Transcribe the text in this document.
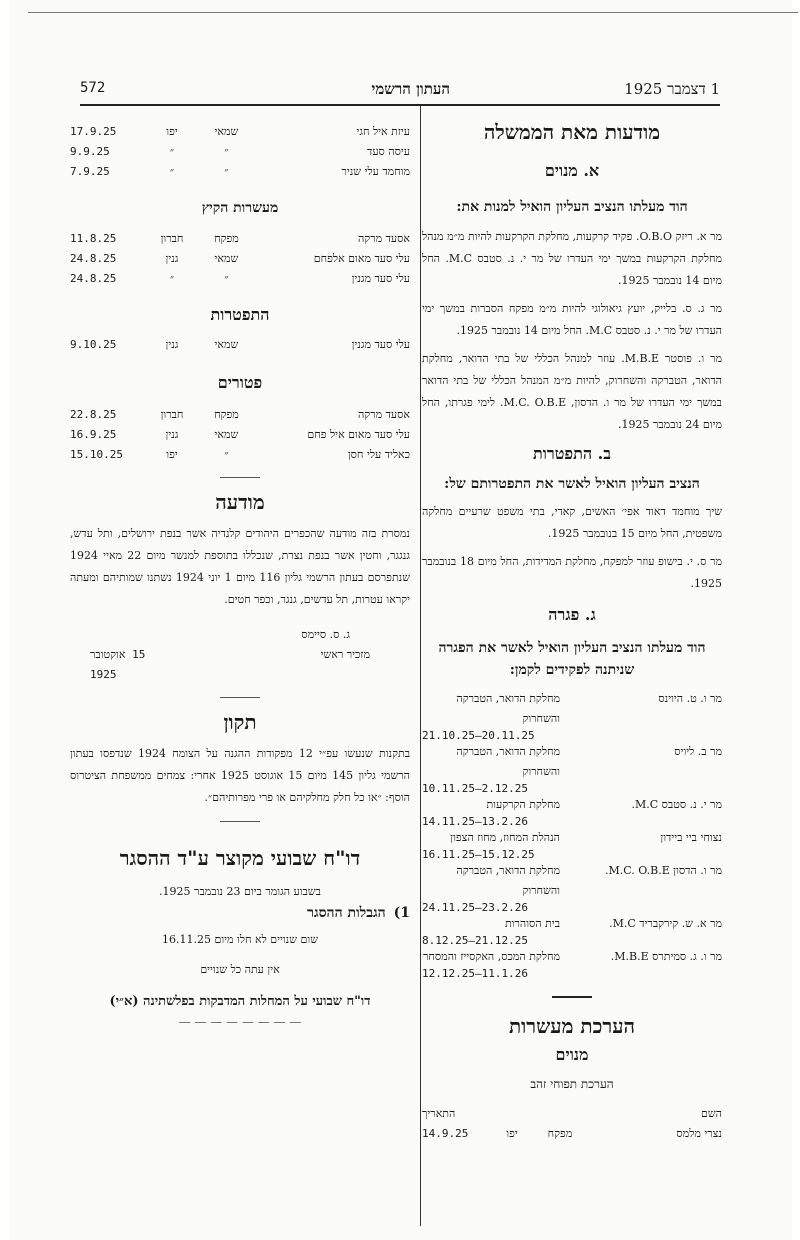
1 דצמבר 1925
העתון הרשמי
572
מודעות מאת הממשלה
א. מנוים
הוד מעלתו הנציב העליון הואיל למנות את:
מר א. ריזק O.B.O. פקיד קרקעות, מחלקת הקרקעות להיות מ״מ מנהל מחלקת הקרקעות במשך ימי העדרו של מר י. נ. סטבס M.C. החל מיום 14 נובמבר 1925.
מר ג. ס. בלייק, יועץ גיאולוגי להיות מ״מ מפקח הסברות במשך ימי העדרו של מר י. נ. סטבס M.C. החל מיום 14 נובמבר 1925.
מר ו. פוסטר M.B.E. עוזר למנהל הכללי של בתי הדואר, מחלקת הדואר, הטברקה והשחרוק, להיות מ״מ המנהל הכללי של בתי הדואר במשך ימי העדרו של מר ו. הדסון, M.C. O.B.E. לימי פגרתו, החל מיום 24 נובמבר 1925.
ב. התפטרות
הנציב העליון הואיל לאשר את התפטרותם של:
שיך מוחמד דאוד אפי׳ האשים, קאדי, בתי משפט שרעיים מחלקה משפטית, החל מיום 15 בנובמבר 1925.
מר ס. י. בישופ עוזר למפקח, מחלקת המדידות, החל מיום 18 בנובמבר 1925.
ג. פגרה
הוד מעלתו הנציב העליון הואיל לאשר את הפגרה שניתנה לפקידים לקמן:
מר ו. ט. היוינס
מחלקת הדואר, הטברקה והשחרוק
20.11.25—21.10.25
מר ב. ליויס
מחלקת הדואר, הטברקה והשחרוק
2.12.25—10.11.25
מר י. נ. סטבס M.C.
מחלקת הקרקעות
13.2.26—14.11.25
נצוחי ביי ביידון
הנהלת המחוז, מחוז הצפון
15.12.25—16.11.25
מר ו. הדסון M.C. O.B.E.
מחלקת הדואר, הטברקה והשחרוק
23.2.26—24.11.25
מר א. ש. קירקבריד M.C.
בית הסוהרות
21.12.25—8.12.25
מר ו. ג. סמיתרס M.B.E.
מחלקת המכס, האקסייז והמסחר
11.1.26—12.12.25
הערכת מעשרות
מנוים
הערכת תפוחי זהב
השם
התאריך
נצרי מלמס
מפקח
יפו
14.9.25
עיזת איל חגי
שמאי
יפו
17.9.25
עיסה סעד
״
״
9.9.25
מוחמד עלי שניר
״
״
7.9.25
מעשרות הקיץ
אסעד מרקה
מפקח
חברון
11.8.25
עלי סעד מאום אלפחם
שמאי
גנין
24.8.25
עלי סעד מגנין
״
״
24.8.25
התפטרות
עלי סעד מגנין
שמאי
גנין
9.10.25
פטורים
אסעד מרקה
מפקח
חברון
22.8.25
עלי סעד מאום איל פחם
שמאי
גנין
16.9.25
כאליד עלי חסן
״
יפו
15.10.25
מודעה
נמסרת בזה מודעה שהכפרים היהודים קלנדיה אשר בנפת ירושלים, ותל עדש, גנגגר, וחטין אשר בנפת נצרת, שנכללו בתוספת למנשר מיום 22 מאיי 1924 שנתפרסם בעתון הרשמי גליון 116 מיום 1 יוני 1924 נשתנו שמותיהם ומעתה יקראו עטרות, תל עדשים, גנגר, וכפר חטים.
ג. ס. סיימס
מזכיר ראשי
15 אוקטובר 1925
תקון
בתקנות שנעשו עפ״י 12 מפקודות ההגנה על הצומח 1924 שנדפסו בעתון הרשמי גליון 145 מיום 15 אוגוסט 1925 אחרי: צמחים ממשפחת הציטרוס הוסף: ״או כל חלק מחלקיהם או פרי מפרותיהם״.
דו"ח שבועי מקוצר ע"ד ההסגר
בשבוע הגומר ביום 23 נובמבר 1925.
1)
הגבלות ההסגר
שום שנויים לא חלו מיום 16.11.25
אין עתה כל שנויים
דו"ח שבועי על המחלות המדבקות בפלשתינה (א״י)
— — — — — — — —
